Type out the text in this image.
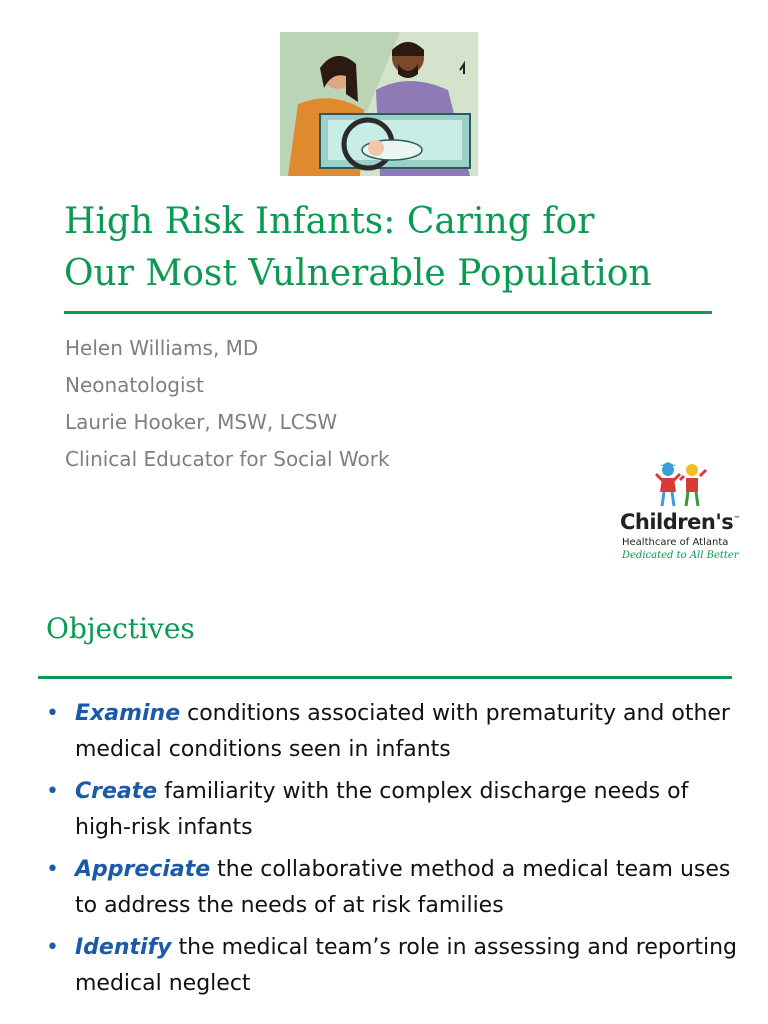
High Risk Infants: Caring for
Our Most Vulnerable Population
Helen Williams, MD
Neonatologist
Laurie Hooker, MSW, LCSW
Clinical Educator for Social Work
Children's™
Healthcare of Atlanta
Dedicated to All Better
Objectives
• Examine conditions associated with prematurity and other medical conditions seen in infants
• Create familiarity with the complex discharge needs of high-risk infants
• Appreciate the collaborative method a medical team uses to address the needs of at risk families
• Identify the medical team’s role in assessing and reporting medical neglect
